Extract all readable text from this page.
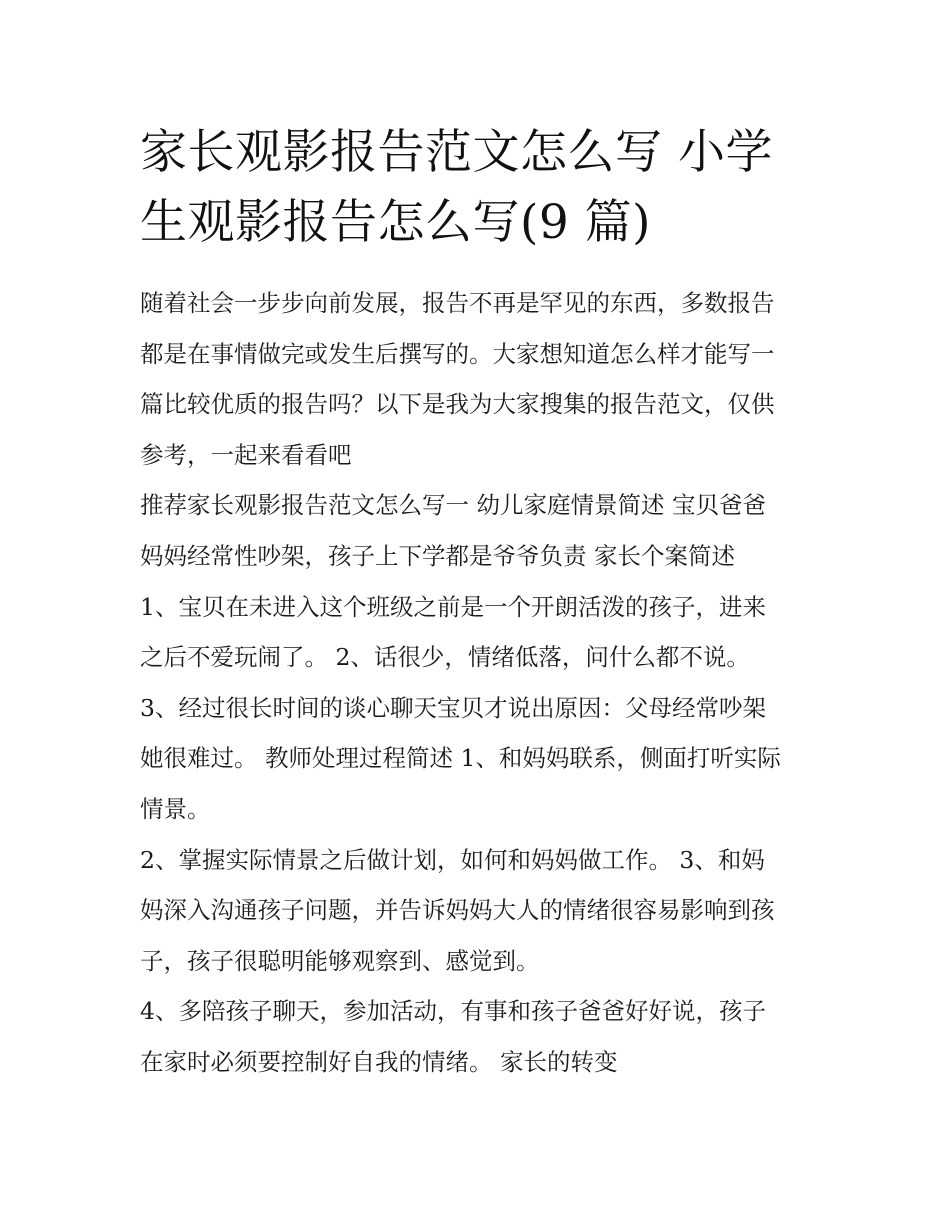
家长观影报告范文怎么写 小学
生观影报告怎么写(9 篇)

随着社会一步步向前发展，报告不再是罕见的东西，多数报告
都是在事情做完或发生后撰写的。大家想知道怎么样才能写一
篇比较优质的报告吗？以下是我为大家搜集的报告范文，仅供
参考，一起来看看吧

推荐家长观影报告范文怎么写一 幼儿家庭情景简述 宝贝爸爸
妈妈经常性吵架，孩子上下学都是爷爷负责 家长个案简述

1、宝贝在未进入这个班级之前是一个开朗活泼的孩子，进来
之后不爱玩闹了。 2、话很少，情绪低落，问什么都不说。

3、经过很长时间的谈心聊天宝贝才说出原因：父母经常吵架
她很难过。 教师处理过程简述 1、和妈妈联系，侧面打听实际
情景。

2、掌握实际情景之后做计划，如何和妈妈做工作。 3、和妈
妈深入沟通孩子问题，并告诉妈妈大人的情绪很容易影响到孩
子，孩子很聪明能够观察到、感觉到。

4、多陪孩子聊天，参加活动，有事和孩子爸爸好好说，孩子
在家时必须要控制好自我的情绪。 家长的转变
